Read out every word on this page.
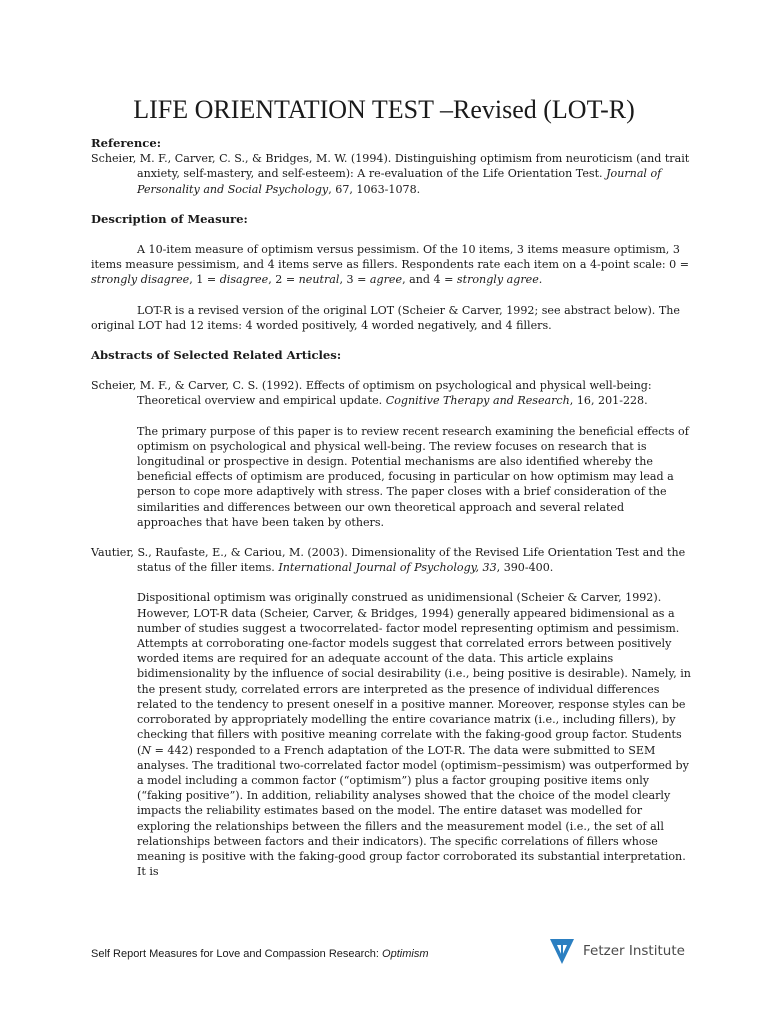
LIFE ORIENTATION TEST –Revised (LOT-R)

Reference:

Scheier, M. F., Carver, C. S., & Bridges, M. W. (1994). Distinguishing optimism from neuroticism (and trait anxiety, self-mastery, and self-esteem): A re-evaluation of the Life Orientation Test. Journal of Personality and Social Psychology, 67, 1063-1078.

Description of Measure:

A 10-item measure of optimism versus pessimism. Of the 10 items, 3 items measure optimism, 3 items measure pessimism, and 4 items serve as fillers. Respondents rate each item on a 4-point scale: 0 = strongly disagree, 1 = disagree, 2 = neutral, 3 = agree, and 4 = strongly agree.

LOT-R is a revised version of the original LOT (Scheier & Carver, 1992; see abstract below). The original LOT had 12 items: 4 worded positively, 4 worded negatively, and 4 fillers.

Abstracts of Selected Related Articles:

Scheier, M. F., & Carver, C. S. (1992). Effects of optimism on psychological and physical well-being: Theoretical overview and empirical update. Cognitive Therapy and Research, 16, 201-228.

The primary purpose of this paper is to review recent research examining the beneficial effects of optimism on psychological and physical well-being. The review focuses on research that is longitudinal or prospective in design. Potential mechanisms are also identified whereby the beneficial effects of optimism are produced, focusing in particular on how optimism may lead a person to cope more adaptively with stress. The paper closes with a brief consideration of the similarities and differences between our own theoretical approach and several related approaches that have been taken by others.

Vautier, S., Raufaste, E., & Cariou, M. (2003). Dimensionality of the Revised Life Orientation Test and the status of the filler items. International Journal of Psychology, 33, 390-400.

Dispositional optimism was originally construed as unidimensional (Scheier & Carver, 1992). However, LOT-R data (Scheier, Carver, & Bridges, 1994) generally appeared bidimensional as a number of studies suggest a twocorrelated- factor model representing optimism and pessimism. Attempts at corroborating one-factor models suggest that correlated errors between positively worded items are required for an adequate account of the data. This article explains bidimensionality by the influence of social desirability (i.e., being positive is desirable). Namely, in the present study, correlated errors are interpreted as the presence of individual differences related to the tendency to present oneself in a positive manner. Moreover, response styles can be corroborated by appropriately modelling the entire covariance matrix (i.e., including fillers), by checking that fillers with positive meaning correlate with the faking-good group factor. Students (N = 442) responded to a French adaptation of the LOT-R. The data were submitted to SEM analyses. The traditional two-correlated factor model (optimism–pessimism) was outperformed by a model including a common factor (“optimism”) plus a factor grouping positive items only (“faking positive”). In addition, reliability analyses showed that the choice of the model clearly impacts the reliability estimates based on the model. The entire dataset was modelled for exploring the relationships between the fillers and the measurement model (i.e., the set of all relationships between factors and their indicators). The specific correlations of fillers whose meaning is positive with the faking-good group factor corroborated its substantial interpretation. It is

Self Report Measures for Love and Compassion Research: Optimism	Fetzer Institute
